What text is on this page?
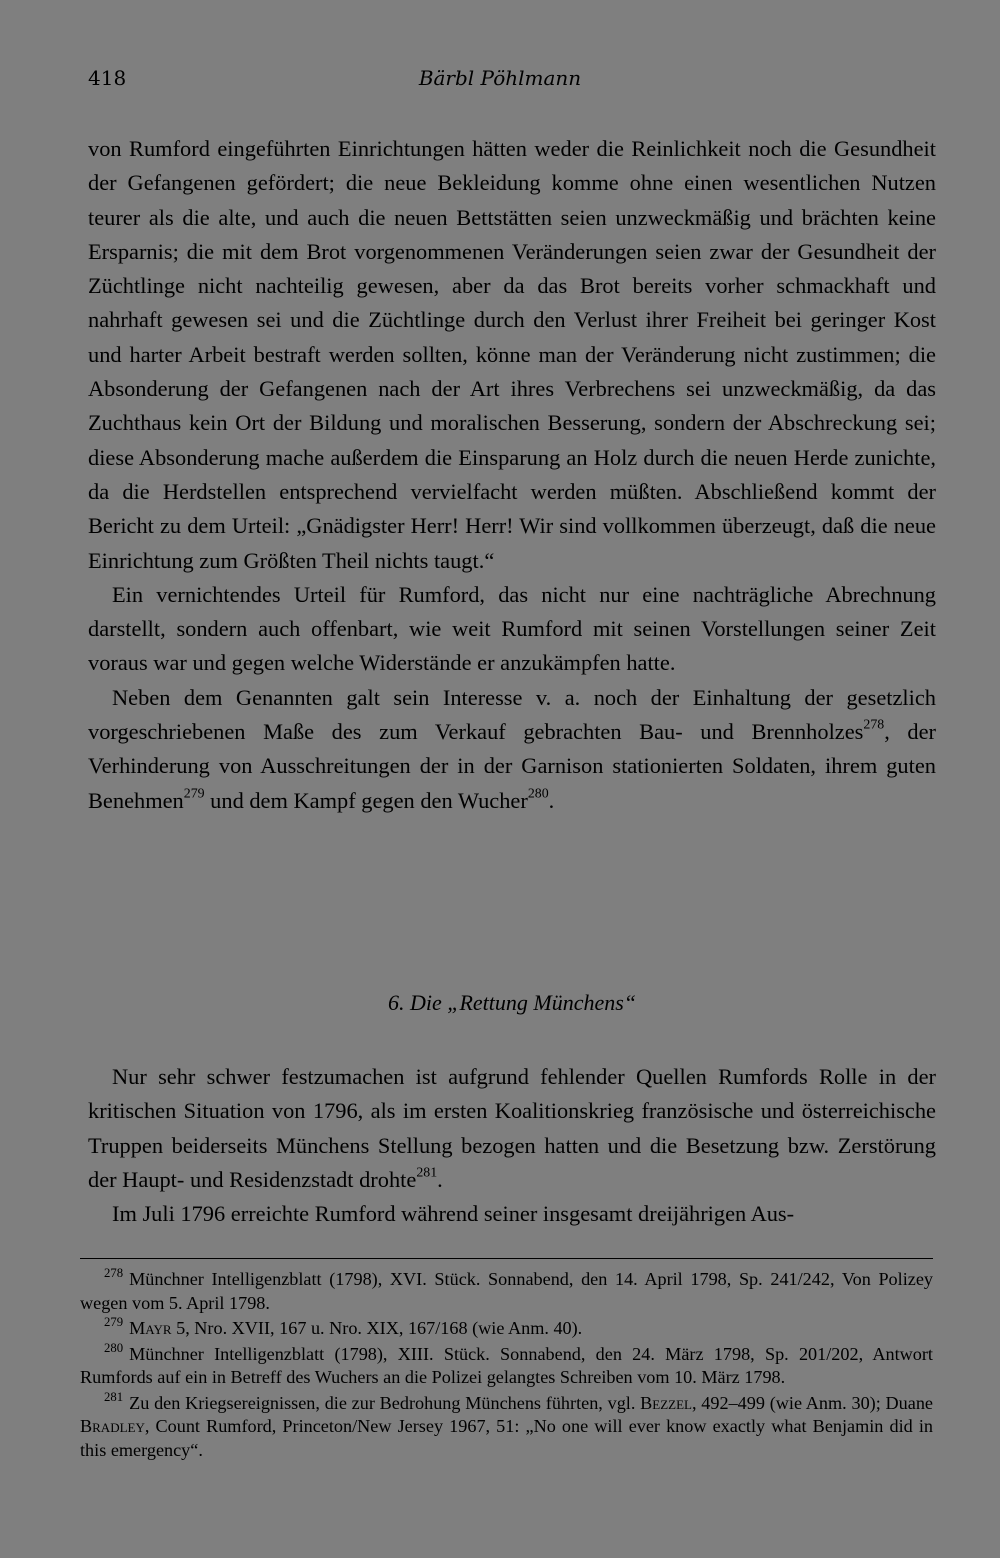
418	Bärbl Pöhlmann

von Rumford eingeführten Einrichtungen hätten weder die Reinlichkeit noch die Gesundheit der Gefangenen gefördert; die neue Bekleidung komme ohne einen wesentlichen Nutzen teurer als die alte, und auch die neuen Bettstätten seien unzweckmäßig und brächten keine Ersparnis; die mit dem Brot vorgenommenen Veränderungen seien zwar der Gesundheit der Züchtlinge nicht nachteilig gewesen, aber da das Brot bereits vorher schmackhaft und nahrhaft gewesen sei und die Züchtlinge durch den Verlust ihrer Freiheit bei geringer Kost und harter Arbeit bestraft werden sollten, könne man der Veränderung nicht zustimmen; die Absonderung der Gefangenen nach der Art ihres Verbrechens sei unzweckmäßig, da das Zuchthaus kein Ort der Bildung und moralischen Besserung, sondern der Abschreckung sei; diese Absonderung mache außerdem die Einsparung an Holz durch die neuen Herde zunichte, da die Herdstellen entsprechend vervielfacht werden müßten. Abschließend kommt der Bericht zu dem Urteil: „Gnädigster Herr! Herr! Wir sind vollkommen überzeugt, daß die neue Einrichtung zum Größten Theil nichts taugt.“

Ein vernichtendes Urteil für Rumford, das nicht nur eine nachträgliche Abrechnung darstellt, sondern auch offenbart, wie weit Rumford mit seinen Vorstellungen seiner Zeit voraus war und gegen welche Widerstände er anzukämpfen hatte.

Neben dem Genannten galt sein Interesse v. a. noch der Einhaltung der gesetzlich vorgeschriebenen Maße des zum Verkauf gebrachten Bau- und Brennholzes$^{278}$, der Verhinderung von Ausschreitungen der in der Garnison stationierten Soldaten, ihrem guten Benehmen$^{279}$ und dem Kampf gegen den Wucher$^{280}$.

6. Die „Rettung Münchens“

Nur sehr schwer festzumachen ist aufgrund fehlender Quellen Rumfords Rolle in der kritischen Situation von 1796, als im ersten Koalitionskrieg französische und österreichische Truppen beiderseits Münchens Stellung bezogen hatten und die Besetzung bzw. Zerstörung der Haupt- und Residenzstadt drohte$^{281}$.

Im Juli 1796 erreichte Rumford während seiner insgesamt dreijährigen Aus-

$^{278}$ Münchner Intelligenzblatt (1798), XVI. Stück. Sonnabend, den 14. April 1798, Sp. 241/242, Von Polizey wegen vom 5. April 1798.

$^{279}$ Mayr 5, Nro. XVII, 167 u. Nro. XIX, 167/168 (wie Anm. 40).

$^{280}$ Münchner Intelligenzblatt (1798), XIII. Stück. Sonnabend, den 24. März 1798, Sp. 201/202, Antwort Rumfords auf ein in Betreff des Wuchers an die Polizei gelangtes Schreiben vom 10. März 1798.

$^{281}$ Zu den Kriegsereignissen, die zur Bedrohung Münchens führten, vgl. Bezzel, 492–499 (wie Anm. 30); Duane Bradley, Count Rumford, Princeton/New Jersey 1967, 51: „No one will ever know exactly what Benjamin did in this emergency“.
